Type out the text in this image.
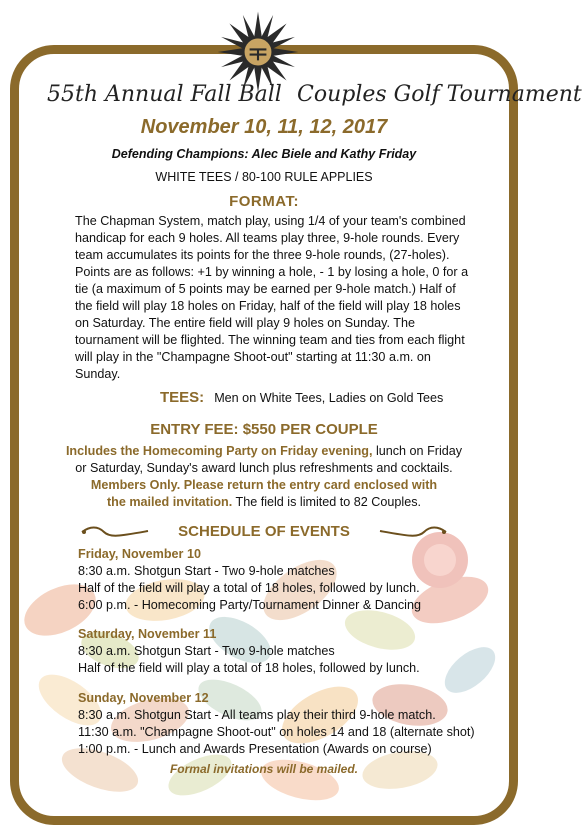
55th Annual Fall Ball Couples Golf Tournament
November 10, 11, 12, 2017
Defending Champions: Alec Biele and Kathy Friday
WHITE TEES / 80-100 RULE APPLIES
FORMAT:
The Chapman System, match play, using 1/4 of your team's combined handicap for each 9 holes. All teams play three, 9-hole rounds. Every team accumulates its points for the three 9-hole rounds, (27-holes). Points are as follows: +1 by winning a hole, - 1 by losing a hole, 0 for a tie (a maximum of 5 points may be earned per 9-hole match.) Half of the field will play 18 holes on Friday, half of the field will play 18 holes on Saturday. The entire field will play 9 holes on Sunday. The tournament will be flighted. The winning team and ties from each flight will play in the "Champagne Shoot-out" starting at 11:30 a.m. on Sunday.
TEES: Men on White Tees, Ladies on Gold Tees
ENTRY FEE: $550 PER COUPLE
Includes the Homecoming Party on Friday evening, lunch on Friday
or Saturday, Sunday's award lunch plus refreshments and cocktails.
Members Only. Please return the entry card enclosed with
the mailed invitation. The field is limited to 82 Couples.
SCHEDULE OF EVENTS
Friday, November 10
8:30 a.m. Shotgun Start - Two 9-hole matches
Half of the field will play a total of 18 holes, followed by lunch.
6:00 p.m. - Homecoming Party/Tournament Dinner & Dancing
Saturday, November 11
8:30 a.m. Shotgun Start - Two 9-hole matches
Half of the field will play a total of 18 holes, followed by lunch.
Sunday, November 12
8:30 a.m. Shotgun Start - All teams play their third 9-hole match.
11:30 a.m. "Champagne Shoot-out" on holes 14 and 18 (alternate shot)
1:00 p.m. - Lunch and Awards Presentation (Awards on course)
Formal invitations will be mailed.
